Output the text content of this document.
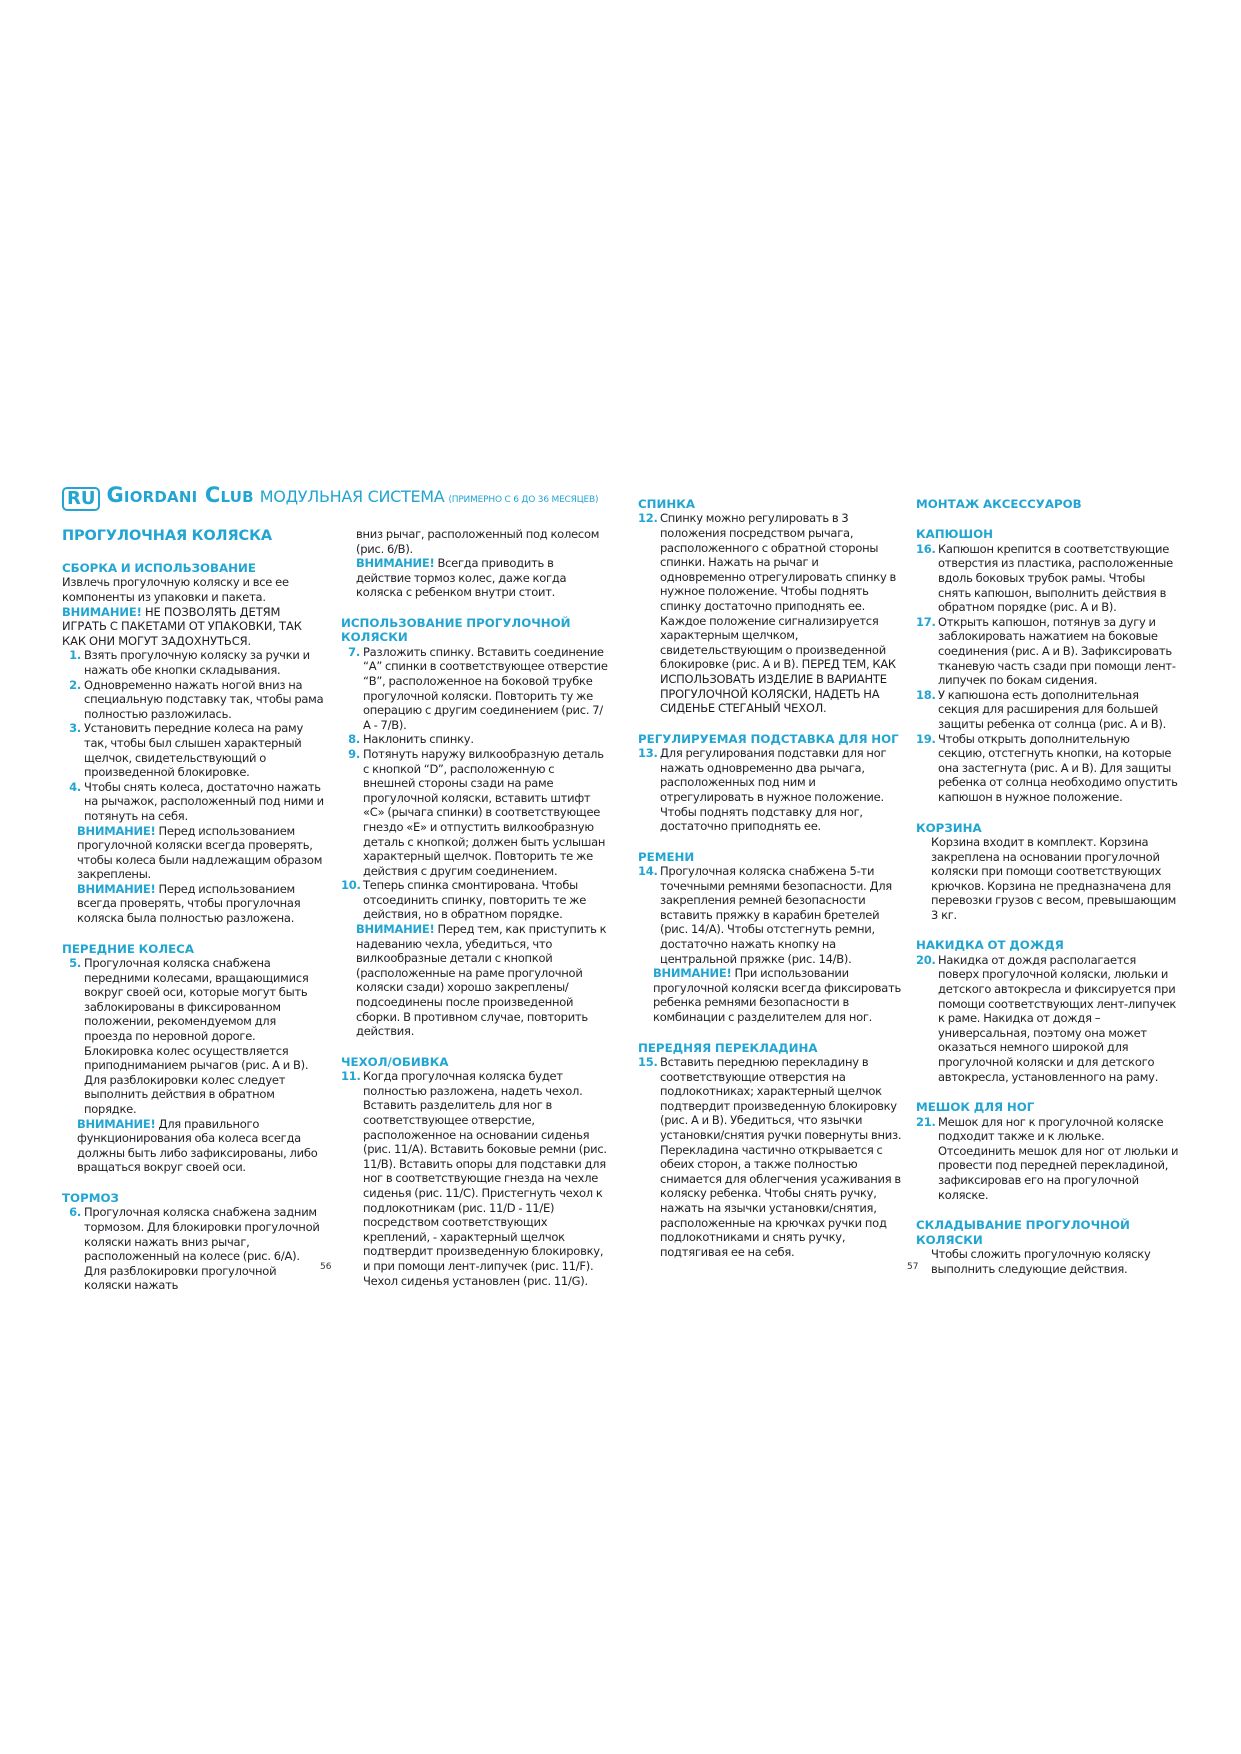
RU Giordani Club МОДУЛЬНАЯ СИСТЕМА (ПРИМЕРНО С 6 ДО 36 МЕСЯЦЕВ)
ПРОГУЛОЧНАЯ КОЛЯСКА
СБОРКА И ИСПОЛЬЗОВАНИЕ

Извлечь прогулочную коляску и все ее компоненты из упаковки и пакета.

ВНИМАНИЕ! НЕ ПОЗВОЛЯТЬ ДЕТЯМ ИГРАТЬ С ПАКЕТАМИ ОТ УПАКОВКИ, ТАК КАК ОНИ МОГУТ ЗАДОХНУТЬСЯ.

1. Взять прогулочную коляску за ручки и нажать обе кнопки складывания.
2. Одновременно нажать ногой вниз на специальную подставку так, чтобы рама полностью разложилась.
3. Установить передние колеса на раму так, чтобы был слышен характерный щелчок, свидетельствующий о произведенной блокировке.
4. Чтобы снять колеса, достаточно нажать на рычажок, расположенный под ними и потянуть на себя.

ВНИМАНИЕ! Перед использованием прогулочной коляски всегда проверять, чтобы колеса были надлежащим образом закреплены.

ВНИМАНИЕ! Перед использованием всегда проверять, чтобы прогулочная коляска была полностью разложена.

ПЕРЕДНИЕ КОЛЕСА
5. Прогулочная коляска снабжена передними колесами, вращающимися вокруг своей оси, которые могут быть заблокированы в фиксированном положении, рекомендуемом для проезда по неровной дороге. Блокировка колес осуществляется приподниманием рычагов (рис. А и В). Для разблокировки колес следует выполнить действия в обратном порядке.

ВНИМАНИЕ! Для правильного функционирования оба колеса всегда должны быть либо зафиксированы, либо вращаться вокруг своей оси.

ТОРМОЗ
6. Прогулочная коляска снабжена задним тормозом. Для блокировки прогулочной коляски нажать вниз рычаг, расположенный на колесе (рис. 6/А). Для разблокировки прогулочной коляски нажать

вниз рычаг, расположенный под колесом (рис. 6/В).

ВНИМАНИЕ! Всегда приводить в действие тормоз колес, даже когда коляска с ребенком внутри стоит.

ИСПОЛЬЗОВАНИЕ ПРОГУЛОЧНОЙ КОЛЯСКИ
7. Разложить спинку. Вставить соединение “А” спинки в соответствующее отверстие “В”, расположенное на боковой трубке прогулочной коляски. Повторить ту же операцию с другим соединением (рис. 7/А - 7/В).
8. Наклонить спинку.
9. Потянуть наружу вилкообразную деталь с кнопкой “D”, расположенную с внешней стороны сзади на раме прогулочной коляски, вставить штифт «С» (рычага спинки) в соответствующее гнездо «Е» и отпустить вилкообразную деталь с кнопкой; должен быть услышан характерный щелчок. Повторить те же действия с другим соединением.
10. Теперь спинка смонтирована. Чтобы отсоединить спинку, повторить те же действия, но в обратном порядке.

ВНИМАНИЕ! Перед тем, как приступить к надеванию чехла, убедиться, что вилкообразные детали с кнопкой (расположенные на раме прогулочной коляски сзади) хорошо закреплены/подсоединены после произведенной сборки. В противном случае, повторить действия.

ЧЕХОЛ/ОБИВКА
11. Когда прогулочная коляска будет полностью разложена, надеть чехол. Вставить разделитель для ног в соответствующее отверстие, расположенное на основании сиденья (рис. 11/А). Вставить боковые ремни (рис. 11/В). Вставить опоры для подставки для ног в соответствующие гнезда на чехле сиденья (рис. 11/С). Пристегнуть чехол к подлокотникам (рис. 11/D - 11/Е) посредством соответствующих креплений, - характерный щелчок подтвердит произведенную блокировку, и при помощи лент-липучек (рис. 11/F). Чехол сиденья установлен (рис. 11/G).
СПИНКА
12. Спинку можно регулировать в 3 положения посредством рычага, расположенного с обратной стороны спинки. Нажать на рычаг и одновременно отрегулировать спинку в нужное положение. Чтобы поднять спинку достаточно приподнять ее. Каждое положение сигнализируется характерным щелчком, свидетельствующим о произведенной блокировке (рис. А и В). ПЕРЕД ТЕМ, КАК ИСПОЛЬЗОВАТЬ ИЗДЕЛИЕ В ВАРИАНТЕ ПРОГУЛОЧНОЙ КОЛЯСКИ, НАДЕТЬ НА СИДЕНЬЕ СТЕГАНЫЙ ЧЕХОЛ.
РЕГУЛИРУЕМАЯ ПОДСТАВКА ДЛЯ НОГ
13. Для регулирования подставки для ног нажать одновременно два рычага, расположенных под ним и отрегулировать в нужное положение. Чтобы поднять подставку для ног, достаточно приподнять ее.
РЕМЕНИ
14. Прогулочная коляска снабжена 5-ти точечными ремнями безопасности. Для закрепления ремней безопасности вставить пряжку в карабин бретелей (рис. 14/А). Чтобы отстегнуть ремни, достаточно нажать кнопку на центральной пряжке (рис. 14/В).

ВНИМАНИЕ! При использовании прогулочной коляски всегда фиксировать ребенка ремнями безопасности в комбинации с разделителем для ног.

ПЕРЕДНЯЯ ПЕРЕКЛАДИНА
15. Вставить переднюю перекладину в соответствующие отверстия на подлокотниках; характерный щелчок подтвердит произведенную блокировку (рис. А и В). Убедиться, что язычки установки/снятия ручки повернуты вниз. Перекладина частично открывается с обеих сторон, а также полностью снимается для облегчения усаживания в коляску ребенка. Чтобы снять ручку, нажать на язычки установки/снятия, расположенные на крючках ручки под подлокотниками и снять ручку, подтягивая ее на себя.
МОНТАЖ АКСЕССУАРОВ
КАПЮШОН
16. Капюшон крепится в соответствующие отверстия из пластика, расположенные вдоль боковых трубок рамы. Чтобы снять капюшон, выполнить действия в обратном порядке (рис. А и В).
17. Открыть капюшон, потянув за дугу и заблокировать нажатием на боковые соединения (рис. А и В). Зафиксировать тканевую часть сзади при помощи лент-липучек по бокам сидения.
18. У капюшона есть дополнительная секция для расширения для большей защиты ребенка от солнца (рис. А и В).
19. Чтобы открыть дополнительную секцию, отстегнуть кнопки, на которые она застегнута (рис. А и В). Для защиты ребенка от солнца необходимо опустить капюшон в нужное положение.
КОРЗИНА

Корзина входит в комплект. Корзина закреплена на основании прогулочной коляски при помощи соответствующих крючков. Корзина не предназначена для перевозки грузов с весом, превышающим 3 кг.

НАКИДКА ОТ ДОЖДЯ
20. Накидка от дождя располагается поверх прогулочной коляски, люльки и детского автокресла и фиксируется при помощи соответствующих лент-липучек к раме. Накидка от дождя – универсальная, поэтому она может оказаться немного широкой для прогулочной коляски и для детского автокресла, установленного на раму.
МЕШОК ДЛЯ НОГ
21. Мешок для ног к прогулочной коляске подходит также и к люльке. Отсоединить мешок для ног от люльки и провести под передней перекладиной, зафиксировав его на прогулочной коляске.
СКЛАДЫВАНИЕ ПРОГУЛОЧНОЙ КОЛЯСКИ

Чтобы сложить прогулочную коляску выполнить следующие действия.

56	57
